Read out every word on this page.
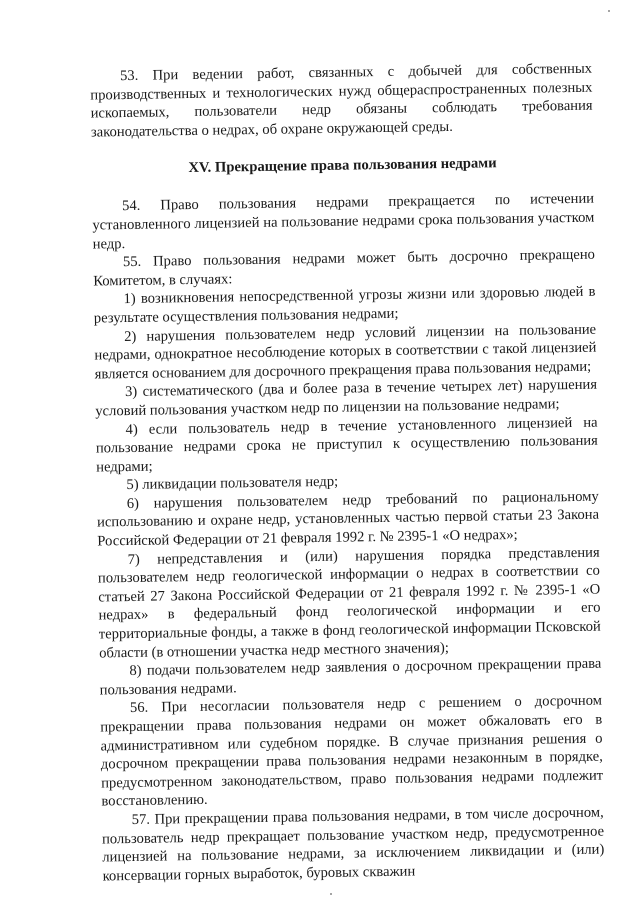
53. При ведении работ, связанных с добычей для собственных производственных и технологических нужд общераспространенных полезных ископаемых, пользователи недр обязаны соблюдать требования законодательства о недрах, об охране окружающей среды.

XV. Прекращение права пользования недрами

54. Право пользования недрами прекращается по истечении установленного лицензией на пользование недрами срока пользования участком недр.

55. Право пользования недрами может быть досрочно прекращено Комитетом, в случаях:

1) возникновения непосредственной угрозы жизни или здоровью людей в результате осуществления пользования недрами;

2) нарушения пользователем недр условий лицензии на пользование недрами, однократное несоблюдение которых в соответствии с такой лицензией является основанием для досрочного прекращения права пользования недрами;

3) систематического (два и более раза в течение четырех лет) нарушения условий пользования участком недр по лицензии на пользование недрами;

4) если пользователь недр в течение установленного лицензией на пользование недрами срока не приступил к осуществлению пользования недрами;

5) ликвидации пользователя недр;

6) нарушения пользователем недр требований по рациональному использованию и охране недр, установленных частью первой статьи 23 Закона Российской Федерации от 21 февраля 1992 г. № 2395-1 «О недрах»;

7) непредставления и (или) нарушения порядка представления пользователем недр геологической информации о недрах в соответствии со статьей 27 Закона Российской Федерации от 21 февраля 1992 г. № 2395-1 «О недрах» в федеральный фонд геологической информации и его территориальные фонды, а также в фонд геологической информации Псковской области (в отношении участка недр местного значения);

8) подачи пользователем недр заявления о досрочном прекращении права пользования недрами.

56. При несогласии пользователя недр с решением о досрочном прекращении права пользования недрами он может обжаловать его в административном или судебном порядке. В случае признания решения о досрочном прекращении права пользования недрами незаконным в порядке, предусмотренном законодательством, право пользования недрами подлежит восстановлению.

57. При прекращении права пользования недрами, в том числе досрочном, пользователь недр прекращает пользование участком недр, предусмотренное лицензией на пользование недрами, за исключением ликвидации и (или) консервации горных выработок, буровых скважин
